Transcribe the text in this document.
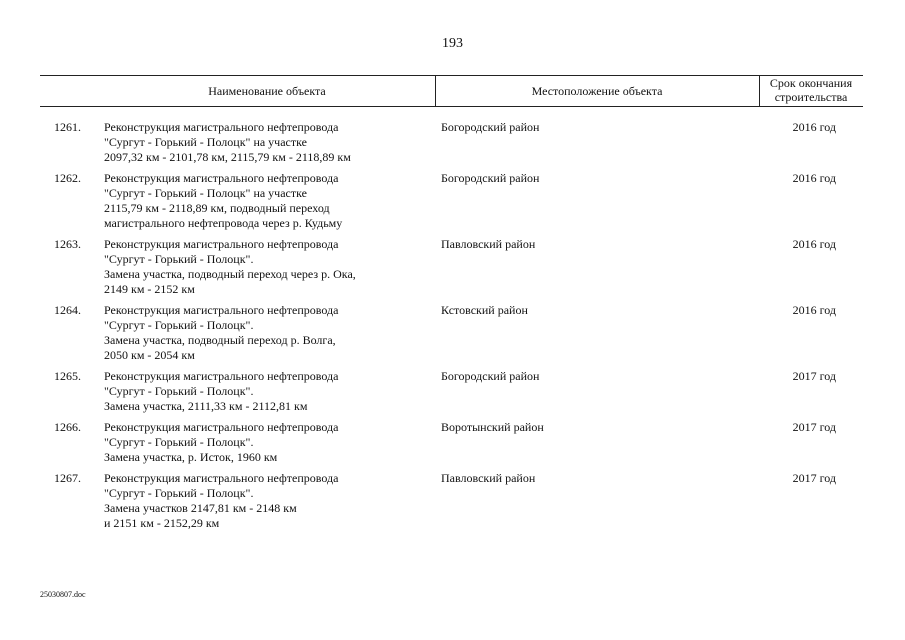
193
Наименование объекта	Местоположение объекта
Срок окончания
строительства
1261.	Реконструкция магистрального нефтепровода
"Сургут - Горький - Полоцк" на участке
2097,32 км - 2101,78 км, 2115,79 км - 2118,89 км
Богородский район	2016 год
1262.	Реконструкция магистрального нефтепровода
"Сургут - Горький - Полоцк" на участке
2115,79 км - 2118,89 км, подводный переход
магистрального нефтепровода через р. Кудьму
Богородский район	2016 год
1263.	Реконструкция магистрального нефтепровода
"Сургут - Горький - Полоцк".
Замена участка, подводный переход через р. Ока,
2149 км - 2152 км
Павловский район	2016 год
1264.	Реконструкция магистрального нефтепровода
"Сургут - Горький - Полоцк".
Замена участка, подводный переход р. Волга,
2050 км - 2054 км
Кстовский район	2016 год
1265.	Реконструкция магистрального нефтепровода
"Сургут - Горький - Полоцк".
Замена участка, 2111,33 км - 2112,81 км
Богородский район	2017 год
1266.	Реконструкция магистрального нефтепровода
"Сургут - Горький - Полоцк".
Замена участка, р. Исток, 1960 км
Воротынский район	2017 год
1267.	Реконструкция магистрального нефтепровода
"Сургут - Горький - Полоцк".
Замена участков 2147,81 км - 2148 км
и 2151 км - 2152,29 км
Павловский район	2017 год
25030807.doc
